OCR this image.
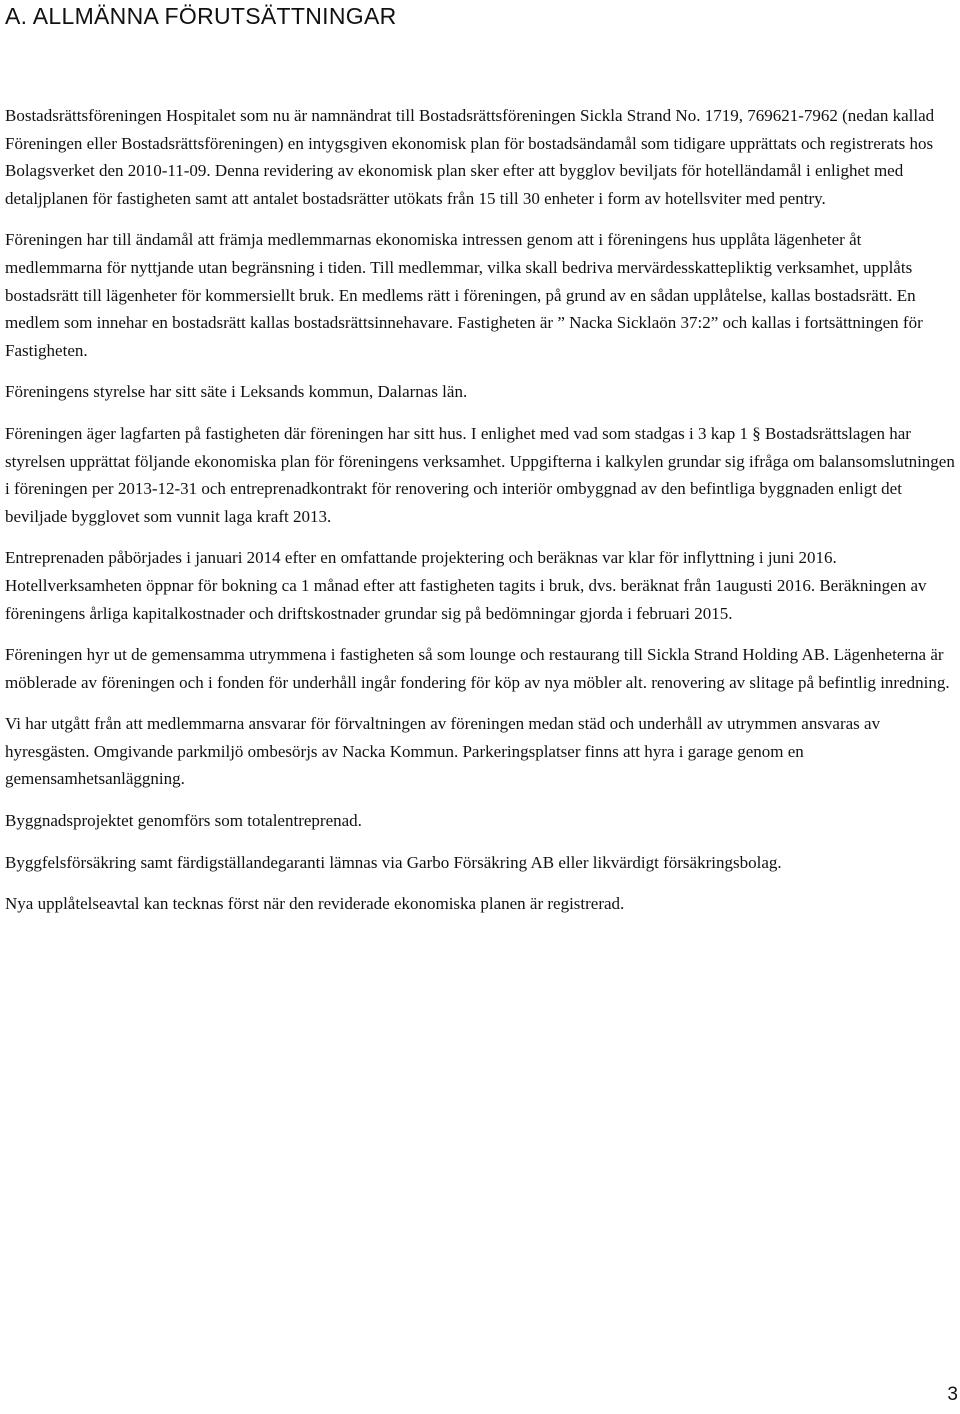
A. ALLMÄNNA FÖRUTSÄTTNINGAR

Bostadsrättsföreningen Hospitalet som nu är namnändrat till Bostadsrättsföreningen Sickla Strand No. 1719, 769621-7962 (nedan kallad Föreningen eller Bostadsrättsföreningen) en intygsgiven ekonomisk plan för bostadsändamål som tidigare upprättats och registrerats hos Bolagsverket den 2010-11-09. Denna revidering av ekonomisk plan sker efter att bygglov beviljats för hotelländamål i enlighet med detaljplanen för fastigheten samt att antalet bostadsrätter utökats från 15 till 30 enheter i form av hotellsviter med pentry.

Föreningen har till ändamål att främja medlemmarnas ekonomiska intressen genom att i föreningens hus upplåta lägenheter åt medlemmarna för nyttjande utan begränsning i tiden. Till medlemmar, vilka skall bedriva mervärdesskattepliktig verksamhet, upplåts bostadsrätt till lägenheter för kommersiellt bruk. En medlems rätt i föreningen, på grund av en sådan upplåtelse, kallas bostadsrätt. En medlem som innehar en bostadsrätt kallas bostadsrättsinnehavare. Fastigheten är ” Nacka Sicklaön 37:2” och kallas i fortsättningen för Fastigheten.

Föreningens styrelse har sitt säte i Leksands kommun, Dalarnas län.

Föreningen äger lagfarten på fastigheten där föreningen har sitt hus. I enlighet med vad som stadgas i 3 kap 1 § Bostadsrättslagen har styrelsen upprättat följande ekonomiska plan för föreningens verksamhet. Uppgifterna i kalkylen grundar sig ifråga om balansomslutningen i föreningen per 2013-12-31 och entreprenadkontrakt för renovering och interiör ombyggnad av den befintliga byggnaden enligt det beviljade bygglovet som vunnit laga kraft 2013.

Entreprenaden påbörjades i januari 2014 efter en omfattande projektering och beräknas var klar för inflyttning i juni 2016. Hotellverksamheten öppnar för bokning ca 1 månad efter att fastigheten tagits i bruk, dvs. beräknat från 1augusti 2016. Beräkningen av föreningens årliga kapitalkostnader och driftskostnader grundar sig på bedömningar gjorda i februari 2015.

Föreningen hyr ut de gemensamma utrymmena i fastigheten så som lounge och restaurang till Sickla Strand Holding AB. Lägenheterna är möblerade av föreningen och i fonden för underhåll ingår fondering för köp av nya möbler alt. renovering av slitage på befintlig inredning.

Vi har utgått från att medlemmarna ansvarar för förvaltningen av föreningen medan städ och underhåll av utrymmen ansvaras av hyresgästen. Omgivande parkmiljö ombesörjs av Nacka Kommun. Parkeringsplatser finns att hyra i garage genom en gemensamhetsanläggning.

Byggnadsprojektet genomförs som totalentreprenad.

Byggfelsförsäkring samt färdigställandegaranti lämnas via Garbo Försäkring AB eller likvärdigt försäkringsbolag.

Nya upplåtelseavtal kan tecknas först när den reviderade ekonomiska planen är registrerad.

3
